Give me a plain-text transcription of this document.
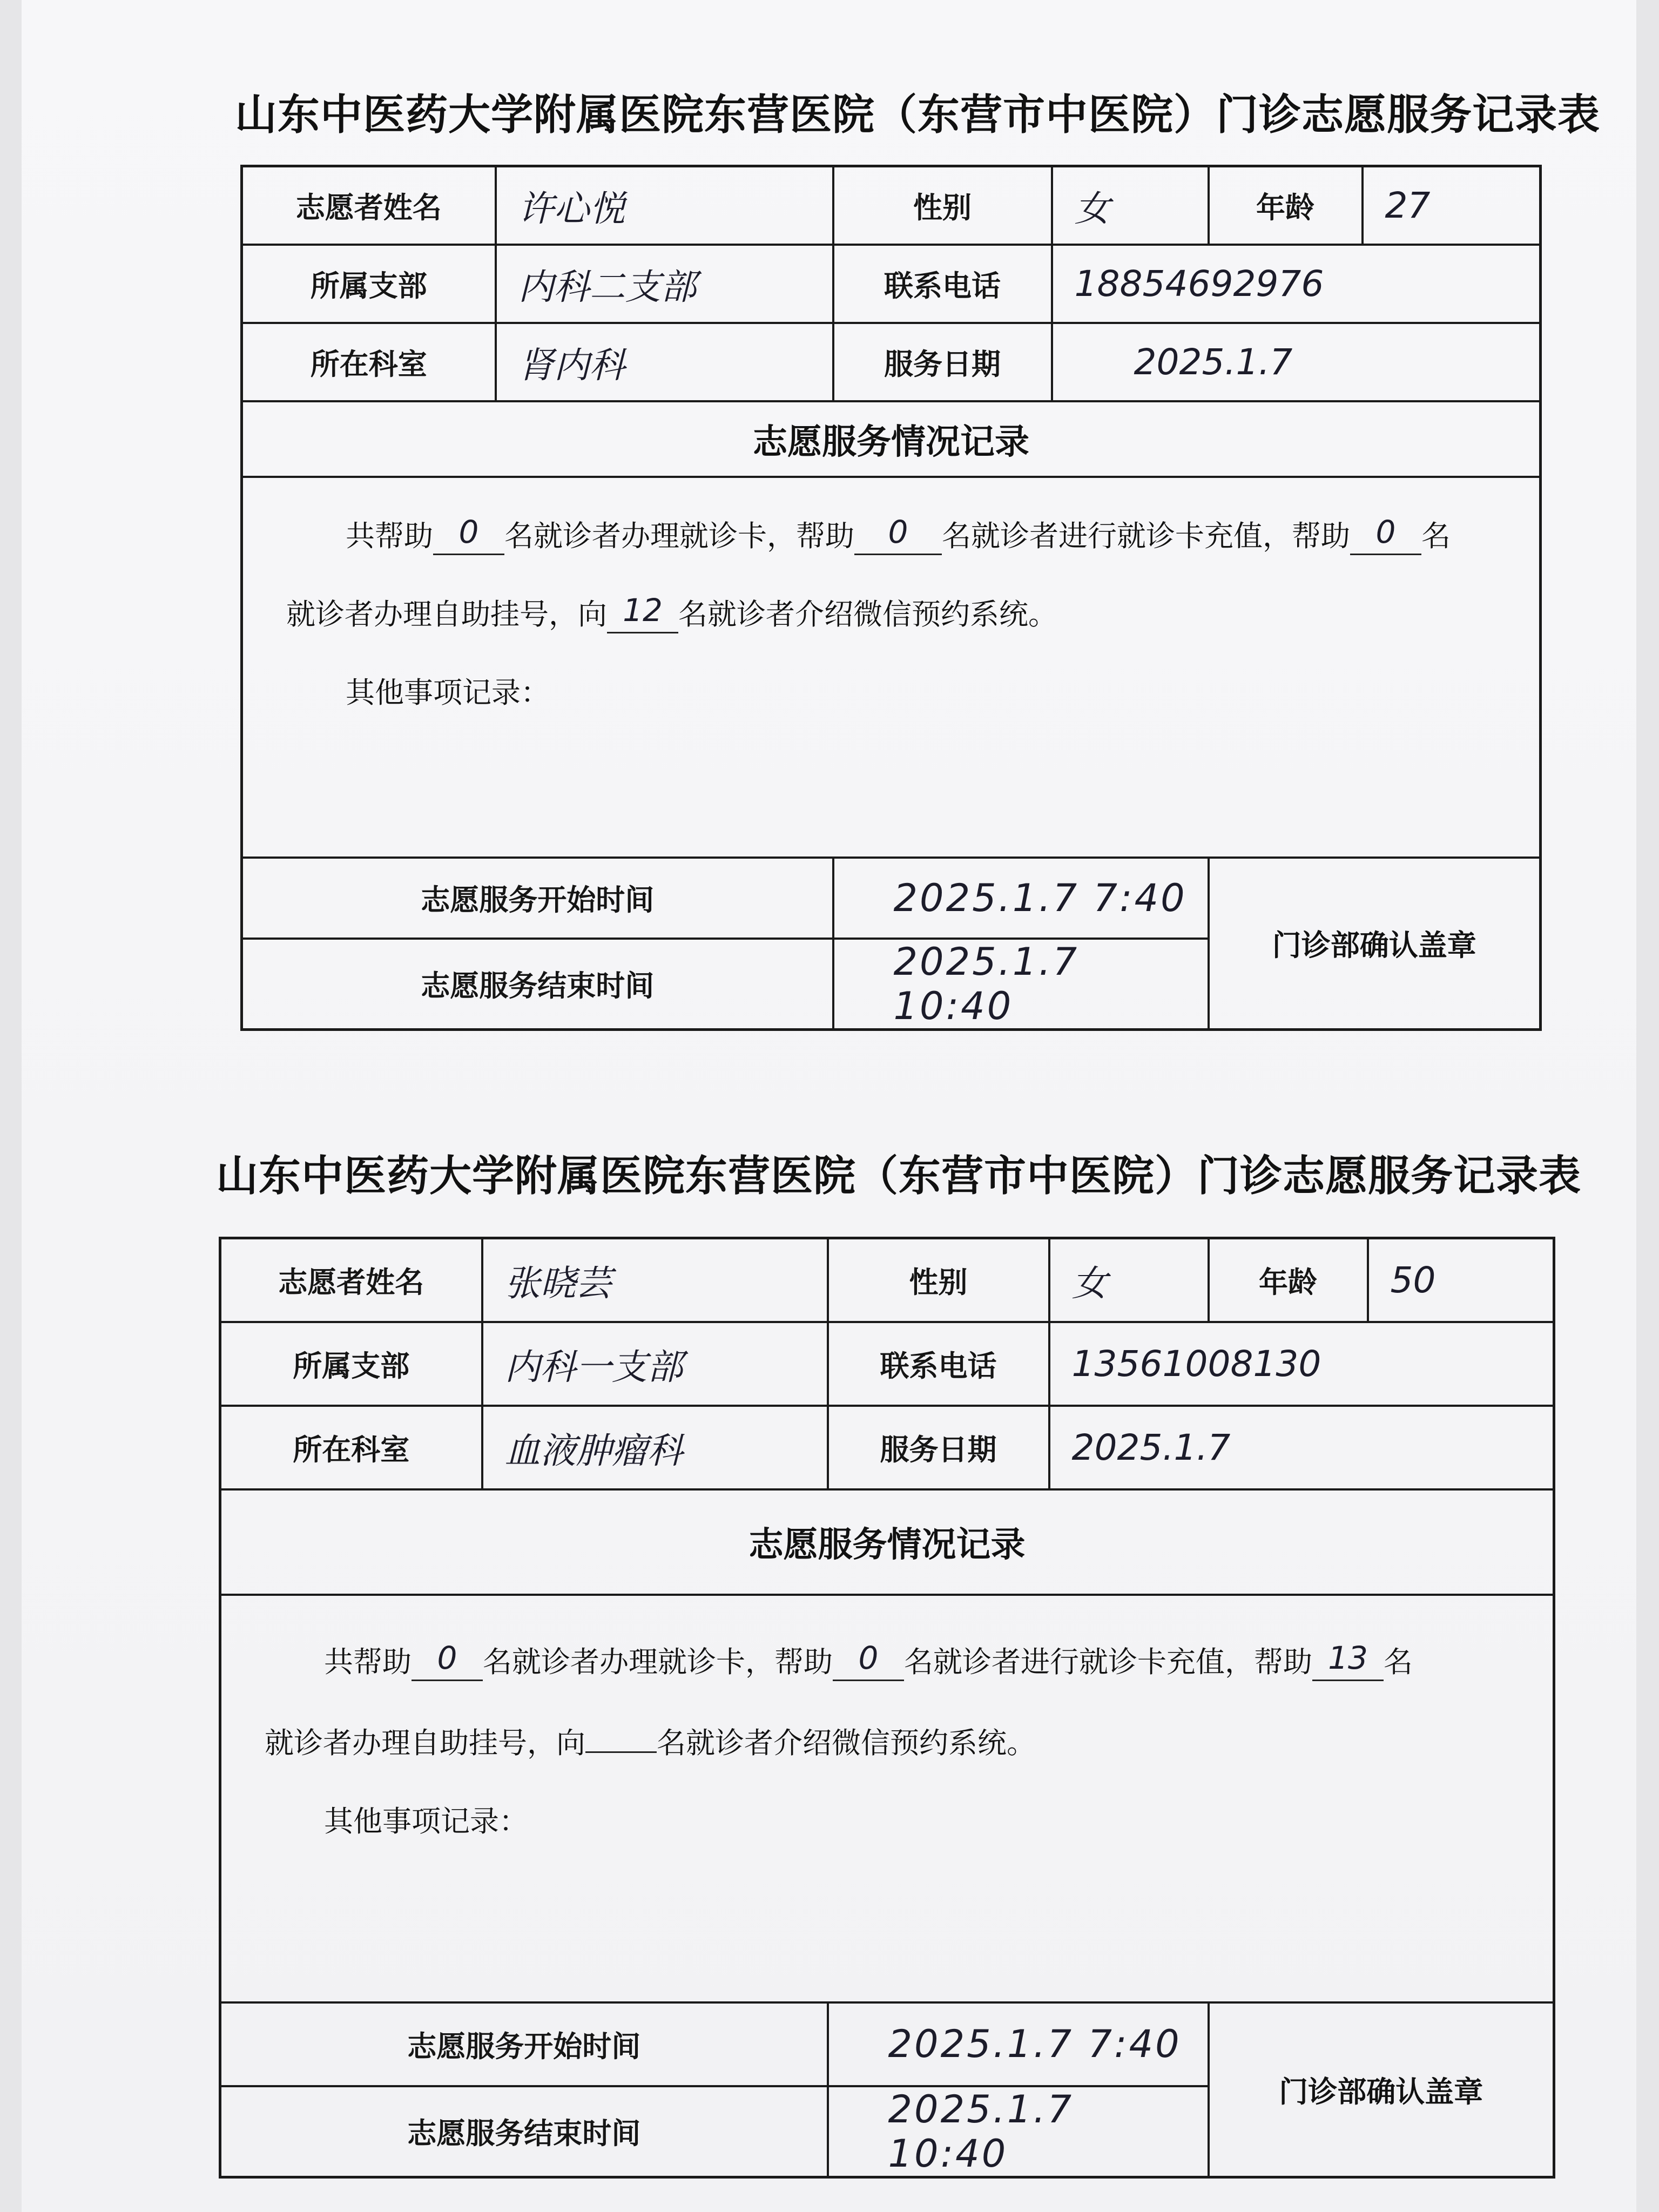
山东中医药大学附属医院东营医院（东营市中医院）门诊志愿服务记录表
志愿者姓名	许心悦	性别	女	年龄	27
所属支部	内科二支部	联系电话	18854692976		
所在科室	肾内科	服务日期	2025.1.7		
志愿服务情况记录					

共帮助 0 名就诊者办理就诊卡，帮助 0 名就诊者进行就诊卡充值，帮助 0 名
就诊者办理自助挂号，向 12 名就诊者介绍微信预约系统。
其他事项记录：					

志愿服务开始时间		2025.1.7 7:40		门诊部确认盖章	
志愿服务结束时间		2025.1.7 10:40			
山东中医药大学附属医院东营医院（东营市中医院）门诊志愿服务记录表
志愿者姓名	张晓芸	性别	女	年龄	50
所属支部	内科一支部	联系电话	13561008130		
所在科室	血液肿瘤科	服务日期	2025.1.7		
志愿服务情况记录					

共帮助 0 名就诊者办理就诊卡，帮助 0 名就诊者进行就诊卡充值，帮助 13 名
就诊者办理自助挂号，向 名就诊者介绍微信预约系统。
其他事项记录：					

志愿服务开始时间		2025.1.7 7:40		门诊部确认盖章	
志愿服务结束时间		2025.1.7 10:40			
